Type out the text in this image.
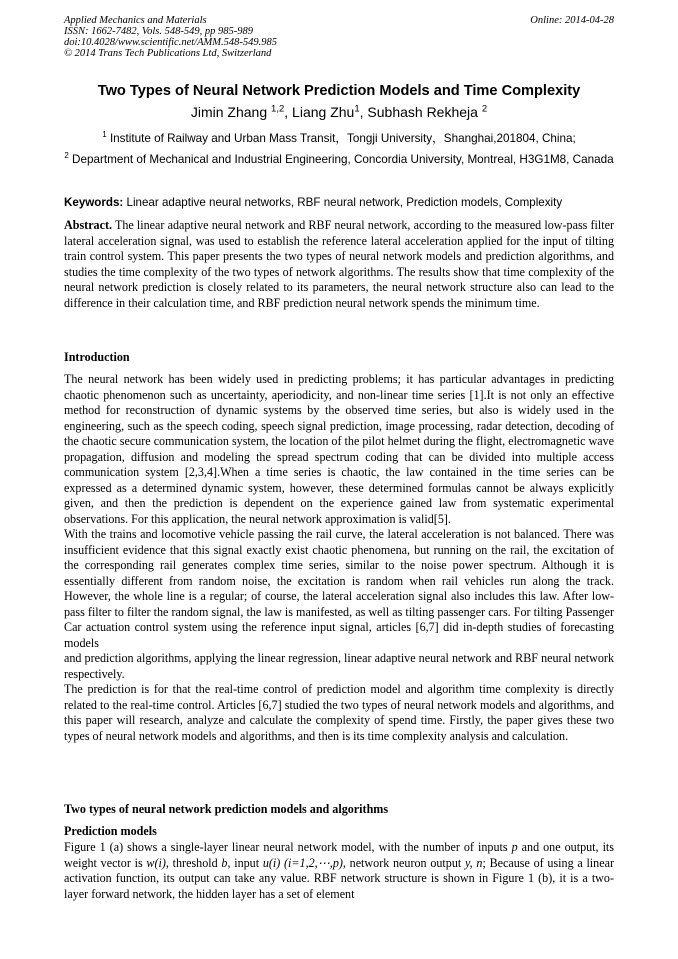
Applied Mechanics and Materials
ISSN: 1662-7482, Vols. 548-549, pp 985-989
doi:10.4028/www.scientific.net/AMM.548-549.985
© 2014 Trans Tech Publications Ltd, Switzerland
Online: 2014-04-28
Two Types of Neural Network Prediction Models and Time Complexity
Jimin Zhang $^{1,2}$, Liang Zhu$^1$, Subhash Rekheja $^2$
$^1$ Institute of Railway and Urban Mass Transit，Tongji University，Shanghai,201804, China;
$^2$ Department of Mechanical and Industrial Engineering, Concordia University, Montreal, H3G1M8, Canada
Keywords: Linear adaptive neural networks, RBF neural network, Prediction models, Complexity
Abstract. The linear adaptive neural network and RBF neural network, according to the measured low-pass filter lateral acceleration signal, was used to establish the reference lateral acceleration applied for the input of tilting train control system. This paper presents the two types of neural network models and prediction algorithms, and studies the time complexity of the two types of network algorithms. The results show that time complexity of the neural network prediction is closely related to its parameters, the neural network structure also can lead to the difference in their calculation time, and RBF prediction neural network spends the minimum time.
Introduction

The neural network has been widely used in predicting problems; it has particular advantages in predicting chaotic phenomenon such as uncertainty, aperiodicity, and non-linear time series [1].It is not only an effective method for reconstruction of dynamic systems by the observed time series, but also is widely used in the engineering, such as the speech coding, speech signal prediction, image processing, radar detection, decoding of the chaotic secure communication system, the location of the pilot helmet during the flight, electromagnetic wave propagation, diffusion and modeling the spread spectrum coding that can be divided into multiple access communication system [2,3,4].When a time series is chaotic, the law contained in the time series can be expressed as a determined dynamic system, however, these determined formulas cannot be always explicitly given, and then the prediction is dependent on the experience gained law from systematic experimental observations. For this application, the neural network approximation is valid[5].

With the trains and locomotive vehicle passing the rail curve, the lateral acceleration is not balanced. There was insufficient evidence that this signal exactly exist chaotic phenomena, but running on the rail, the excitation of the corresponding rail generates complex time series, similar to the noise power spectrum. Although it is essentially different from random noise, the excitation is random when rail vehicles run along the track. However, the whole line is a regular; of course, the lateral acceleration signal also includes this law. After low-pass filter to filter the random signal, the law is manifested, as well as tilting passenger cars. For tilting Passenger Car actuation control system using the reference input signal, articles [6,7] did in-depth studies of forecasting models

and prediction algorithms, applying the linear regression, linear adaptive neural network and RBF neural network respectively.

The prediction is for that the real-time control of prediction model and algorithm time complexity is directly related to the real-time control. Articles [6,7] studied the two types of neural network models and algorithms, and this paper will research, analyze and calculate the complexity of spend time. Firstly, the paper gives these two types of neural network models and algorithms, and then is its time complexity analysis and calculation.

Two types of neural network prediction models and algorithms
Prediction models
Figure 1 (a) shows a single-layer linear neural network model, with the number of inputs p and one output, its weight vector is w(i), threshold b, input u(i) (i=1,2,⋯,p), network neuron output y, n; Because of using a linear activation function, its output can take any value. RBF network structure is shown in Figure 1 (b), it is a two-layer forward network, the hidden layer has a set of element
